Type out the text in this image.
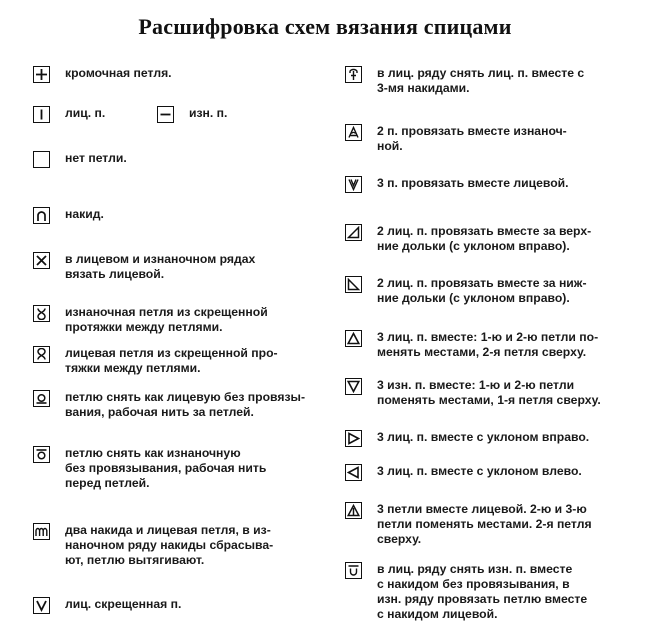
Расшифровка схем вязания спицами
кромочная петля.
лиц. п.	изн. п.
нет петли.
накид.
в лицевом и изнаночном рядах
вязать лицевой.
изнаночная петля из скрещенной
протяжки между петлями.
лицевая петля из скрещенной про-
тяжки между петлями.
петлю снять как лицевую без провязы-
вания, рабочая нить за петлей.
петлю снять как изнаночную
без провязывания, рабочая нить
перед петлей.
два накида и лицевая петля, в из-
наночном ряду накиды сбрасыва-
ют, петлю вытягивают.
лиц. скрещенная п.
в лиц. ряду снять лиц. п. вместе с
3-мя накидами.
2 п. провязать вместе изнаноч-
ной.
3 п. провязать вместе лицевой.
2 лиц. п. провязать вместе за верх-
ние дольки (с уклоном вправо).
2 лиц. п. провязать вместе за ниж-
ние дольки (с уклоном вправо).
3 лиц. п. вместе: 1-ю и 2-ю петли по-
менять местами, 2-я петля сверху.
3 изн. п. вместе: 1-ю и 2-ю петли
поменять местами, 1-я петля сверху.
3 лиц. п. вместе с уклоном вправо.
3 лиц. п. вместе с уклоном влево.
3 петли вместе лицевой. 2-ю и 3-ю
петли поменять местами. 2-я петля
сверху.
в лиц. ряду снять изн. п. вместе
с накидом без провязывания, в
изн. ряду провязать петлю вместе
с накидом лицевой.
